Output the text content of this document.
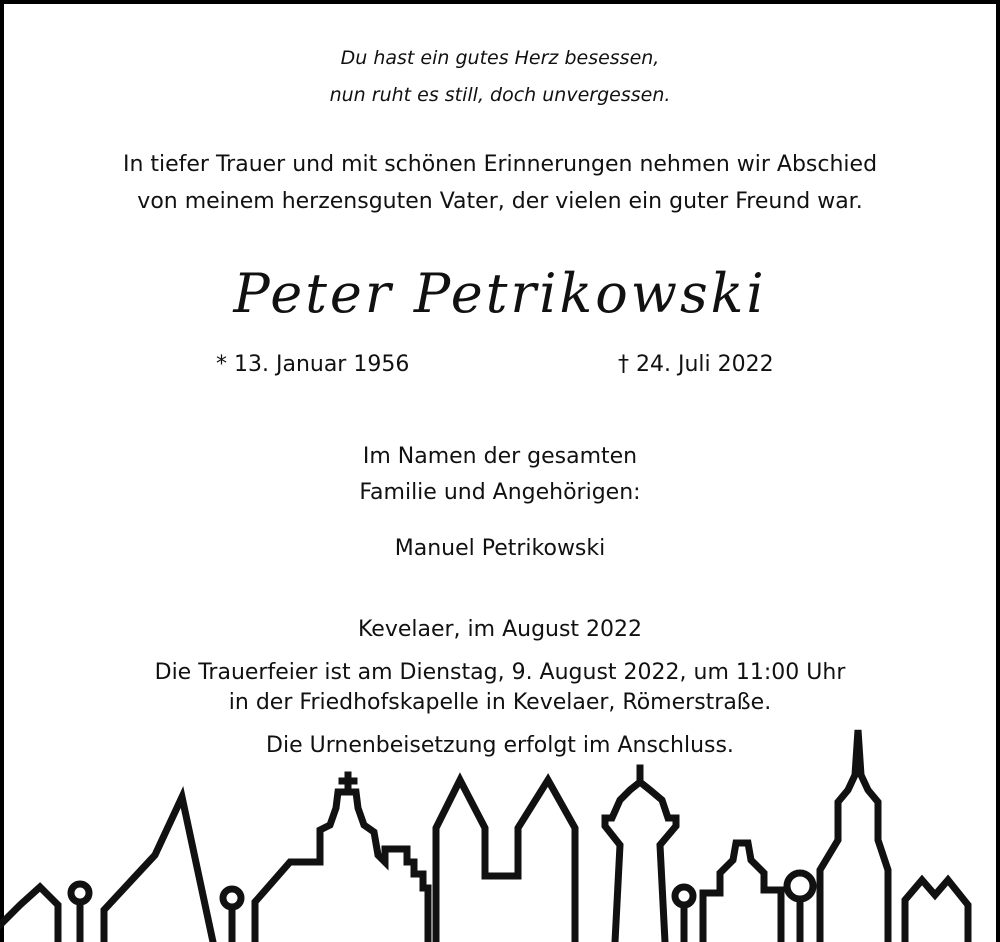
Du hast ein gutes Herz besessen,
nun ruht es still, doch unvergessen.
In tiefer Trauer und mit schönen Erinnerungen nehmen wir Abschied
von meinem herzensguten Vater, der vielen ein guter Freund war.
Peter Petrikowski
* 13. Januar 1956	† 24. Juli 2022
Im Namen der gesamten
Familie und Angehörigen:
Manuel Petrikowski
Kevelaer, im August 2022
Die Trauerfeier ist am Dienstag, 9. August 2022, um 11:00 Uhr
in der Friedhofskapelle in Kevelaer, Römerstraße.
Die Urnenbeisetzung erfolgt im Anschluss.
